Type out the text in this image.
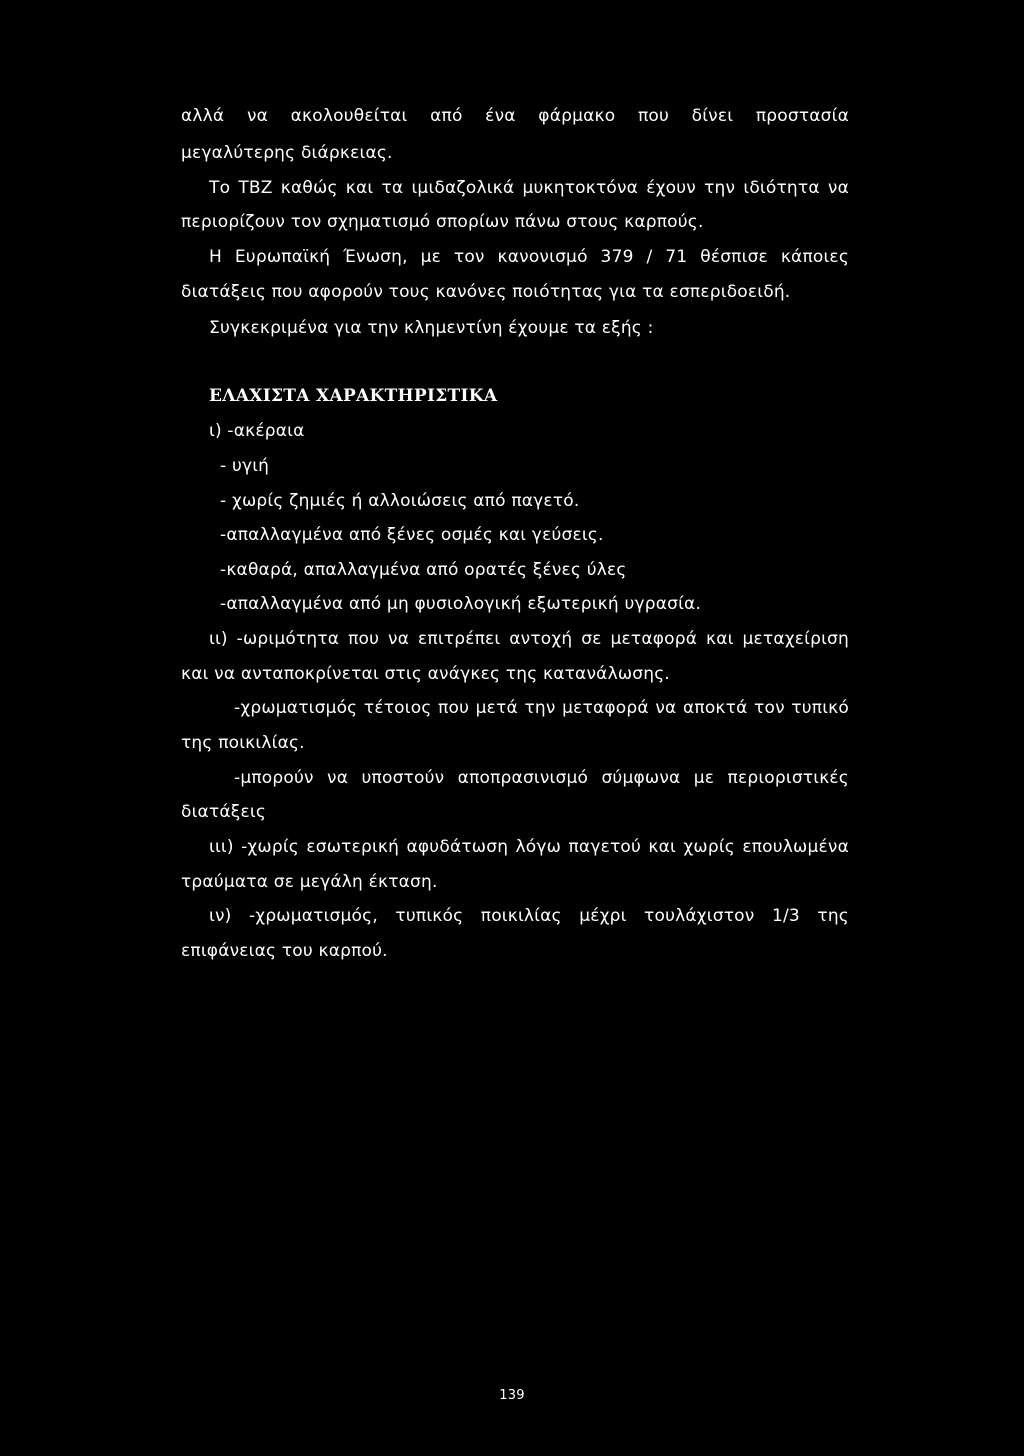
αλλά να ακολουθείται από ένα φάρμακο που δίνει προστασία
μεγαλύτερης διάρκειας.
Το ΤΒΖ καθώς και τα ιμιδαζολικά μυκητοκτόνα έχουν την ιδιότητα να
περιορίζουν τον σχηματισμό σπορίων πάνω στους καρπούς.
Η Ευρωπαϊκή Ένωση, με τον κανονισμό 379 / 71 θέσπισε κάποιες
διατάξεις που αφορούν τους κανόνες ποιότητας για τα εσπεριδοειδή.
Συγκεκριμένα για την κλημεντίνη έχουμε τα εξής :
ΕΛΑΧΙΣΤΑ ΧΑΡΑΚΤΗΡΙΣΤΙΚΑ
ι) -ακέραια
- υγιή
- χωρίς ζημιές ή αλλοιώσεις από παγετό.
-απαλλαγμένα από ξένες οσμές και γεύσεις.
-καθαρά, απαλλαγμένα από ορατές ξένες ύλες
-απαλλαγμένα από μη φυσιολογική εξωτερική υγρασία.
ιι) -ωριμότητα που να επιτρέπει αντοχή σε μεταφορά και μεταχείριση
και να ανταποκρίνεται στις ανάγκες της κατανάλωσης.
-χρωματισμός τέτοιος που μετά την μεταφορά να αποκτά τον τυπικό
της ποικιλίας.
-μπορούν να υποστούν αποπρασινισμό σύμφωνα με περιοριστικές
διατάξεις
ιιι) -χωρίς εσωτερική αφυδάτωση λόγω παγετού και χωρίς επουλωμένα
τραύματα σε μεγάλη έκταση.
ιν) -χρωματισμός, τυπικός ποικιλίας μέχρι τουλάχιστον 1/3 της
επιφάνειας του καρπού.
139
